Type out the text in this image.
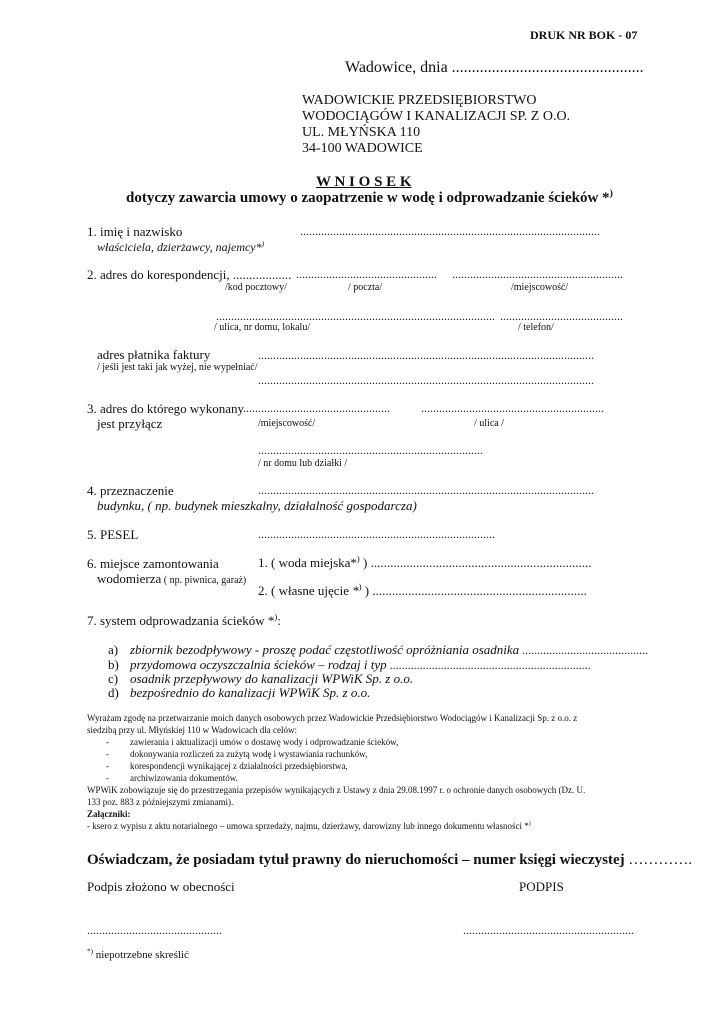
DRUK NR BOK - 07
Wadowice, dnia ................................................
WADOWICKIE PRZEDSIĘBIORSTWO
WODOCIĄGÓW I KANALIZACJI SP. Z O.O.
UL. MŁYŃSKA 110
34-100 WADOWICE
W N I O S E K
dotyczy zawarcia umowy o zaopatrzenie w wodę i odprowadzanie ścieków *)
1. imię i nazwisko	....................................................................................................
właściciela, dzierżawcy, najemcy*)
2. adres do korespondencji, .................. ............................................... .........................................................
/kod pocztowy/	/ poczta/	/miejscowość/
............................................................................................. .........................................
/ ulica, nr domu, lokalu/	/ telefon/
adres płatnika faktury	................................................................................................................
/ jeśli jest taki jak wyżej, nie wypełniać/
................................................................................................................
3. adres do którego wykonany
.................................................	.............................................................
jest przyłącz	/miejscowość/	/ ulica /
...........................................................................
/ nr domu lub działki /
4. przeznaczenie	................................................................................................................
budynku, ( np. budynek mieszkalny, działalność gospodarcza)
5. PESEL	...............................................................................
6. miejsce zamontowania	1. ( woda miejska*) ) ....................................................................
wodomierza ( np. piwnica, garaż)
2. ( własne ujęcie *) ) ..................................................................
7. system odprowadzania ścieków *):
a) zbiornik bezodpływowy - proszę podać częstotliwość opróżniania osadnika ..........................................
b) przydomowa oczyszczalnia ścieków – rodzaj i typ ...................................................................
c) osadnik przepływowy do kanalizacji WPWiK Sp. z o.o.
d) bezpośrednio do kanalizacji WPWiK Sp. z o.o.
Wyrażam zgodę na przetwarzanie moich danych osobowych przez Wadowickie Przedsiębiorstwo Wodociągów i Kanalizacji Sp. z o.o. z
siedzibą przy ul. Młyńskiej 110 w Wadowicach dla celów:
- zawierania i aktualizacji umów o dostawę wody i odprowadzanie ścieków,
- dokonywania rozliczeń za zużytą wodę i wystawiania rachunków,
- korespondencji wynikającej z działalności przedsiębiorstwa,
- archiwizowania dokumentów.
WPWiK zobowiązuje się do przestrzegania przepisów wynikających z Ustawy z dnia 29.08.1997 r. o ochronie danych osobowych (Dz. U.
133 poz. 883 z późniejszymi zmianami).
Załączniki:
- ksero z wypisu z aktu notarialnego – umowa sprzedaży, najmu, dzierżawy, darowizny lub innego dokumentu własności *)
Oświadczam, że posiadam tytuł prawny do nieruchomości – numer księgi wieczystej ………….
Podpis złożono w obecności	PODPIS
.............................................	.........................................................
*) niepotrzebne skreślić
